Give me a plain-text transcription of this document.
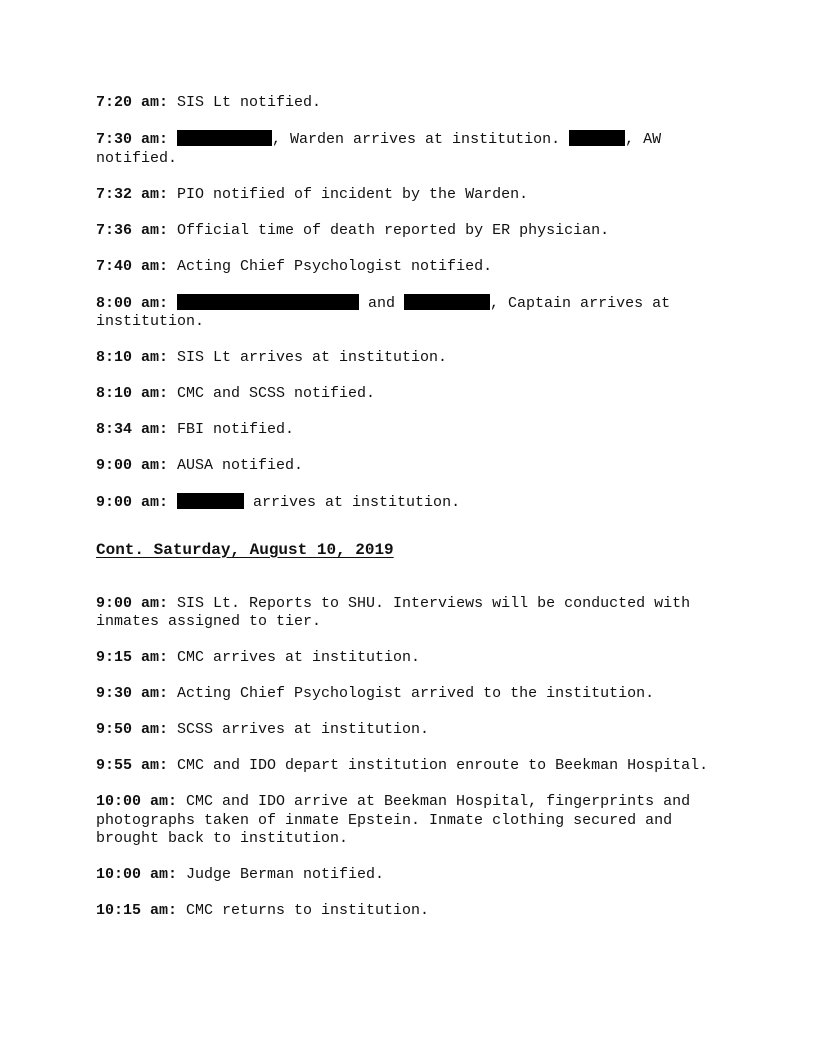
7:20 am: SIS Lt notified.

7:30 am:	, Warden arrives at institution.	, AW notified.

7:32 am: PIO notified of incident by the Warden.

7:36 am: Official time of death reported by ER physician.

7:40 am: Acting Chief Psychologist notified.

8:00 am:	and	, Captain arrives at institution.

8:10 am: SIS Lt arrives at institution.

8:10 am: CMC and SCSS notified.

8:34 am: FBI notified.

9:00 am: AUSA notified.

9:00 am:	arrives at institution.

Cont. Saturday, August 10, 2019

9:00 am: SIS Lt. Reports to SHU. Interviews will be conducted with inmates assigned to tier.

9:15 am: CMC arrives at institution.

9:30 am: Acting Chief Psychologist arrived to the institution.

9:50 am: SCSS arrives at institution.

9:55 am: CMC and IDO depart institution enroute to Beekman Hospital.

10:00 am: CMC and IDO arrive at Beekman Hospital, fingerprints and photographs taken of inmate Epstein. Inmate clothing secured and brought back to institution.

10:00 am: Judge Berman notified.

10:15 am: CMC returns to institution.
